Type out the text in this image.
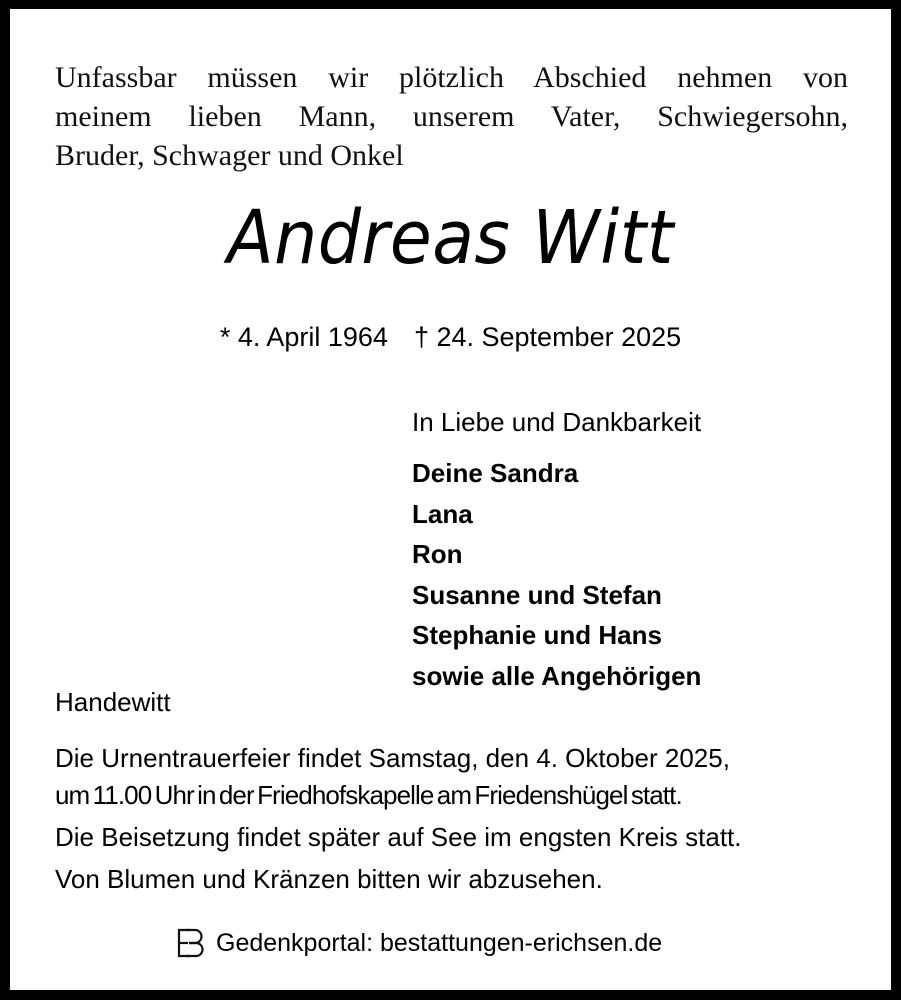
Unfassbar müssen wir plötzlich Abschied nehmen von
meinem lieben Mann, unserem Vater, Schwiegersohn,
Bruder, Schwager und Onkel
Andreas Witt
* 4. April 1964 † 24. September 2025
In Liebe und Dankbarkeit
Deine Sandra
Lana
Ron
Susanne und Stefan
Stephanie und Hans
sowie alle Angehörigen
Handewitt
Die Urnentrauerfeier findet Samstag, den 4. Oktober 2025,
um 11.00 Uhr in der Friedhofskapelle am Friedenshügel statt.
Die Beisetzung findet später auf See im engsten Kreis statt.
Von Blumen und Kränzen bitten wir abzusehen.
Gedenkportal: bestattungen-erichsen.de
